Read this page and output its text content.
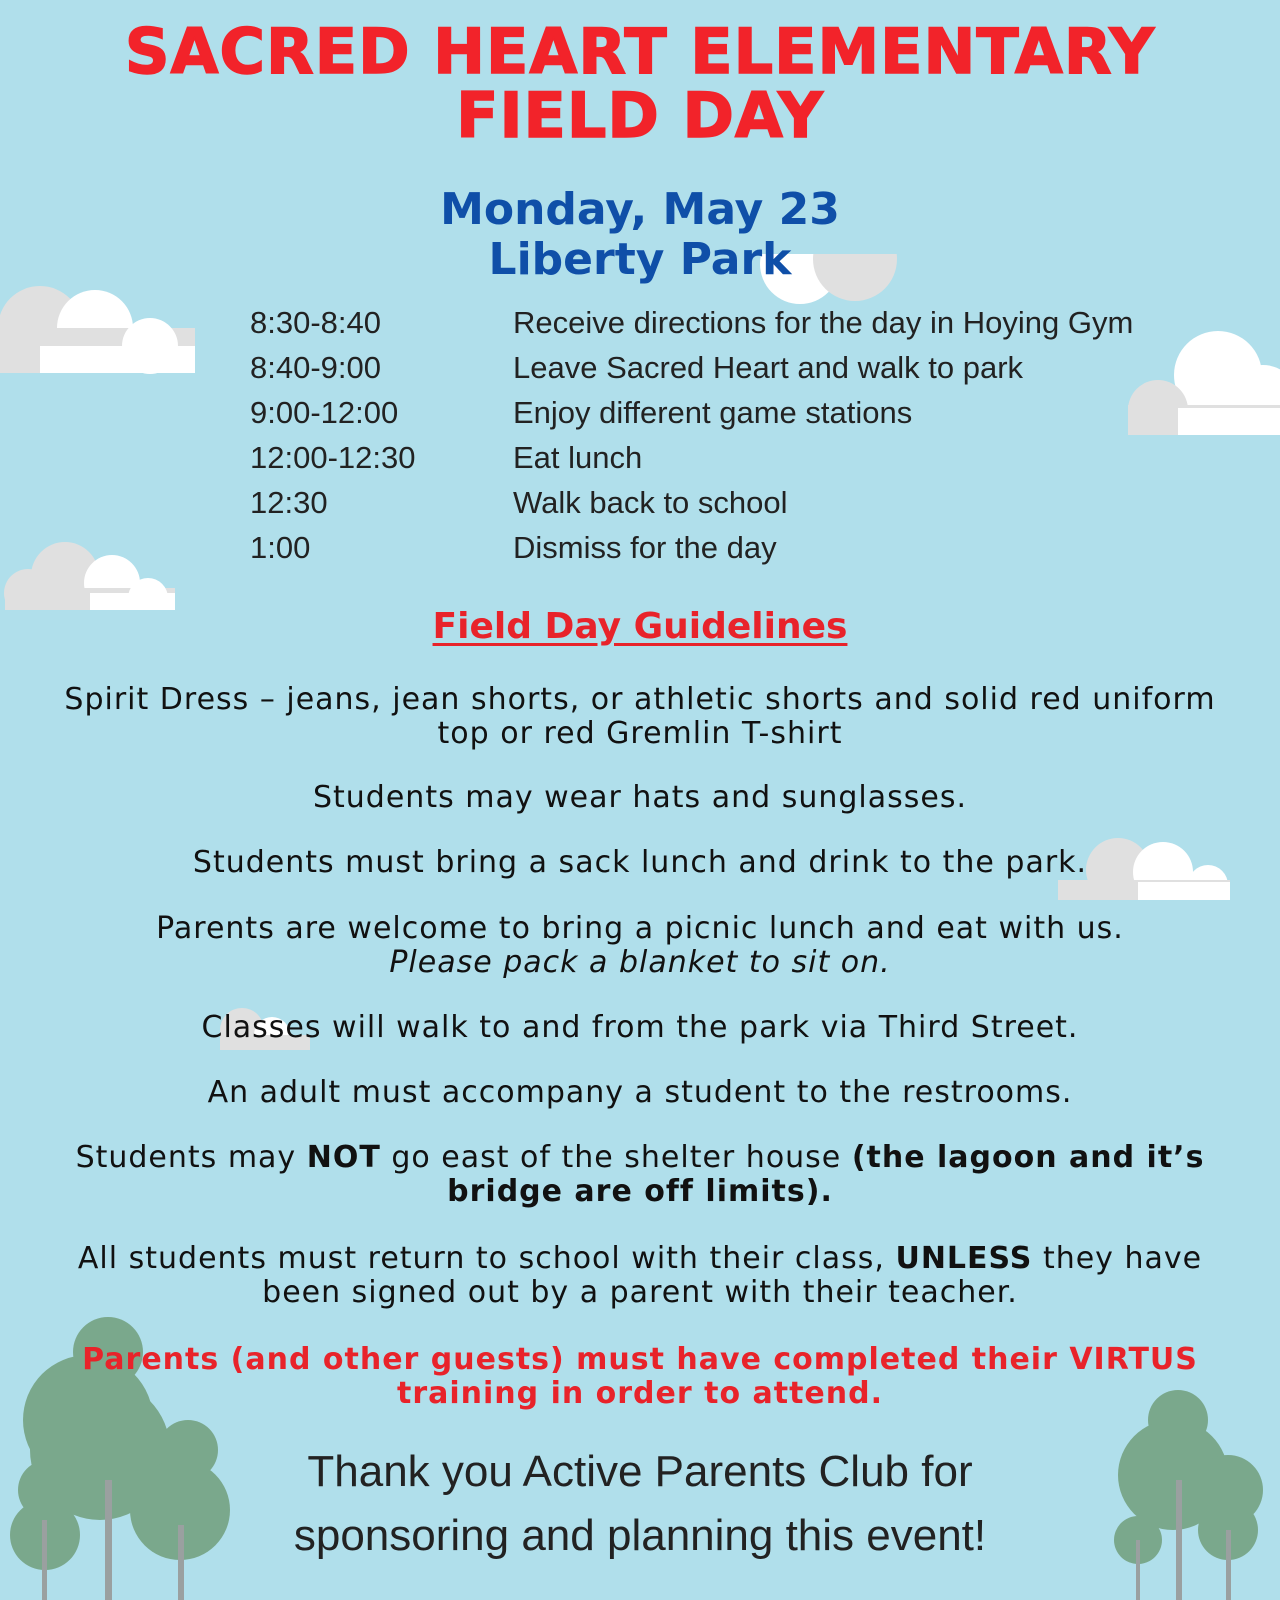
SACRED HEART ELEMENTARY
FIELD DAY
Monday, May 23
Liberty Park
8:30-8:40	Receive directions for the day in Hoying Gym
8:40-9:00	Leave Sacred Heart and walk to park
9:00-12:00	Enjoy different game stations
12:00-12:30	Eat lunch
12:30	Walk back to school
1:00	Dismiss for the day
Field Day Guidelines
Spirit Dress – jeans, jean shorts, or athletic shorts and solid red uniform
top or red Gremlin T-shirt
Students may wear hats and sunglasses.
Students must bring a sack lunch and drink to the park.
Parents are welcome to bring a picnic lunch and eat with us.
Please pack a blanket to sit on.
Classes will walk to and from the park via Third Street.
An adult must accompany a student to the restrooms.
Students may NOT go east of the shelter house (the lagoon and it’s bridge are off limits).
All students must return to school with their class, UNLESS they have been signed out by a parent with their teacher.
Parents (and other guests) must have completed their VIRTUS training in order to attend.
Thank you Active Parents Club for
sponsoring and planning this event!
